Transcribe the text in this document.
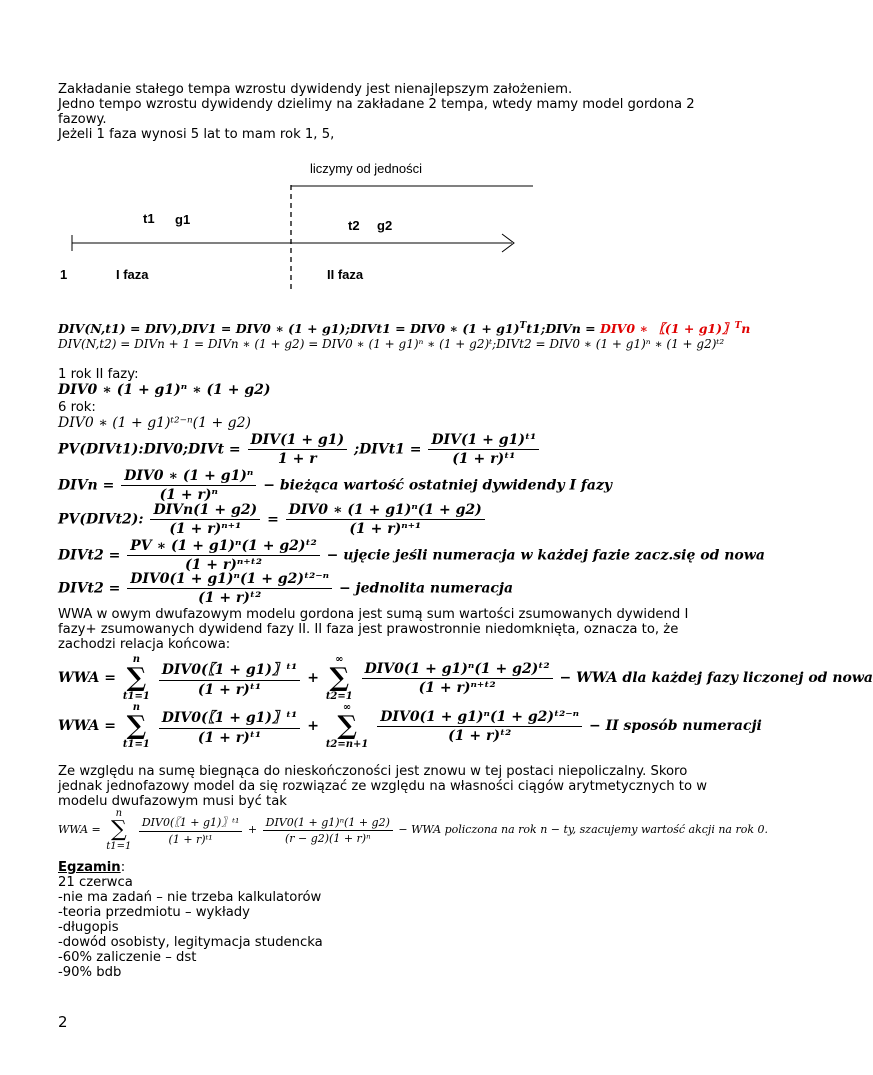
Zakładanie stałego tempa wzrostu dywidendy jest nienajlepszym założeniem.
Jedno tempo wzrostu dywidendy dzielimy na zakładane 2 tempa, wtedy mamy model gordona 2
fazowy.
Jeżeli 1 faza wynosi 5 lat to mam rok 1, 5,
liczymy od jedności
t1 g1	t2 g2
1	I faza	II faza
DIV(N,t1) = DIV),DIV1 = DIV0 ∗ (1 + g1);DIVt1 = DIV0 ∗ $(1 + g1)^Tt1;DIVn = DIV0$ ∗ 〖(1 + g1)〗$^T$n
DIV(N,t2) = DIVn + 1 = DIVn ∗ (1 + g2) = DIV0 ∗ (1 + g1)ⁿ ∗ (1 + g2)ᵗ;DIVt2 = DIV0 ∗ (1 + g1)ⁿ ∗ (1 + g2)ᵗ²
1 rok II fazy:
DIV0 ∗ (1 + g1)ⁿ ∗ (1 + g2)
6 rok:
DIV0 ∗ (1 + g1)ᵗ²⁻ⁿ(1 + g2)
PV(DIVt1):DIV0;DIVt = $\frac{\text{DIV(1 + g1)}}{1 + r}$ ;DIVt1 = $\frac{\text{DIV(1 + g1)ᵗ¹}}{\text{(1 + r)ᵗ¹}}$
DIVn = $\frac{\text{DIV0 ∗ (1 + g1)ⁿ}}{\text{(1 + r)ⁿ}}$ − bieżąca wartość ostatniej dywidendy I fazy
PV(DIVt2): $\frac{\text{DIVn(1 + g2)}}{\text{(1 + r)ⁿ⁺¹}} = \frac{\text{DIV0 ∗ (1 + g1)ⁿ(1 + g2)}}{\text{(1 + r)ⁿ⁺¹}}$
DIVt2 = $\frac{\text{PV ∗ (1 + g1)ⁿ(1 + g2)ᵗ²}}{\text{(1 + r)ⁿ⁺ᵗ²}}$ − ujęcie jeśli numeracja w każdej fazie zacz.się od nowa
DIVt2 = $\frac{\text{DIV0(1 + g1)ⁿ(1 + g2)ᵗ²⁻ⁿ}}{\text{(1 + r)ᵗ²}}$ − jednolita numeracja
WWA w owym dwufazowym modelu gordona jest sumą sum wartości zsumowanych dywidend I
fazy+ zsumowanych dywidend fazy II. II faza jest prawostronnie niedomknięta, oznacza to, że
zachodzi relacja końcowa:
WWA = n
∑
$t1=1 \frac{\text{DIV0(〖1 + g1)〗ᵗ¹}}{\text{(1 + r)ᵗ¹}}$ + ∞
∑
t2=1
$\frac{\text{DIV0(1 + g1)ⁿ(1 + g2)ᵗ²}}{\text{(1 + r)ⁿ⁺ᵗ²}}$ − WWA dla każdej fazy liczonej od nowa
WWA = n
∑
$t1=1 \frac{\text{DIV0(〖1 + g1)〗ᵗ¹}}{\text{(1 + r)ᵗ¹}}$ + ∞
∑
t2=n+1
$\frac{\text{DIV0(1 + g1)ⁿ(1 + g2)ᵗ²⁻ⁿ}}{\text{(1 + r)ᵗ²}}$ − II sposób numeracji
Ze względu na sumę biegnąca do nieskończoności jest znowu w tej postaci niepoliczalny. Skoro
jednak jednofazowy model da się rozwiązać ze względu na własności ciągów arytmetycznych to w
modelu dwufazowym musi być tak
WWA = n
∑
t1=1
$\frac{\text{DIV0(〖1 + g1)〗ᵗ¹}}{\text{(1 + r)ᵗ¹}} + \frac{\text{DIV0(1 + g1)ⁿ(1 + g2)}}{\text{(r − g2)(1 + r)ⁿ}}$ − WWA policzona na rok n − ty, szacujemy wartość akcji na rok 0.
Egzamin:
21 czerwca
-nie ma zadań – nie trzeba kalkulatorów
-teoria przedmiotu – wykłady
-długopis
-dowód osobisty, legitymacja studencka
-60% zaliczenie – dst
-90% bdb
2
